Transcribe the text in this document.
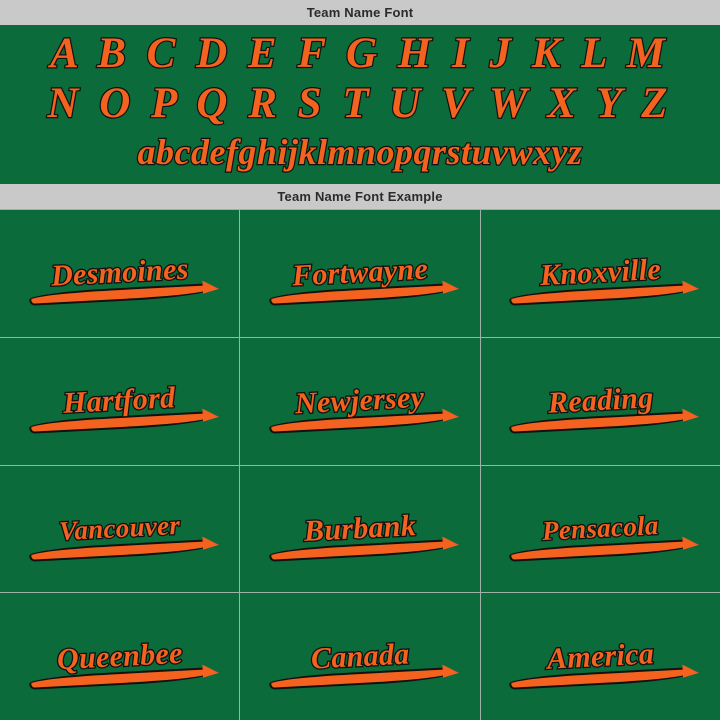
Team Name Font
A B C D E F G H I J K L M
N O P Q R S T U V W X Y Z
abcdefghijklmnopqrstuvwxyz
Team Name Font Example
Desmoines	Fortwayne	Knoxville
Hartford	Newjersey	Reading
Vancouver	Burbank	Pensacola
Queenbee	Canada	America
